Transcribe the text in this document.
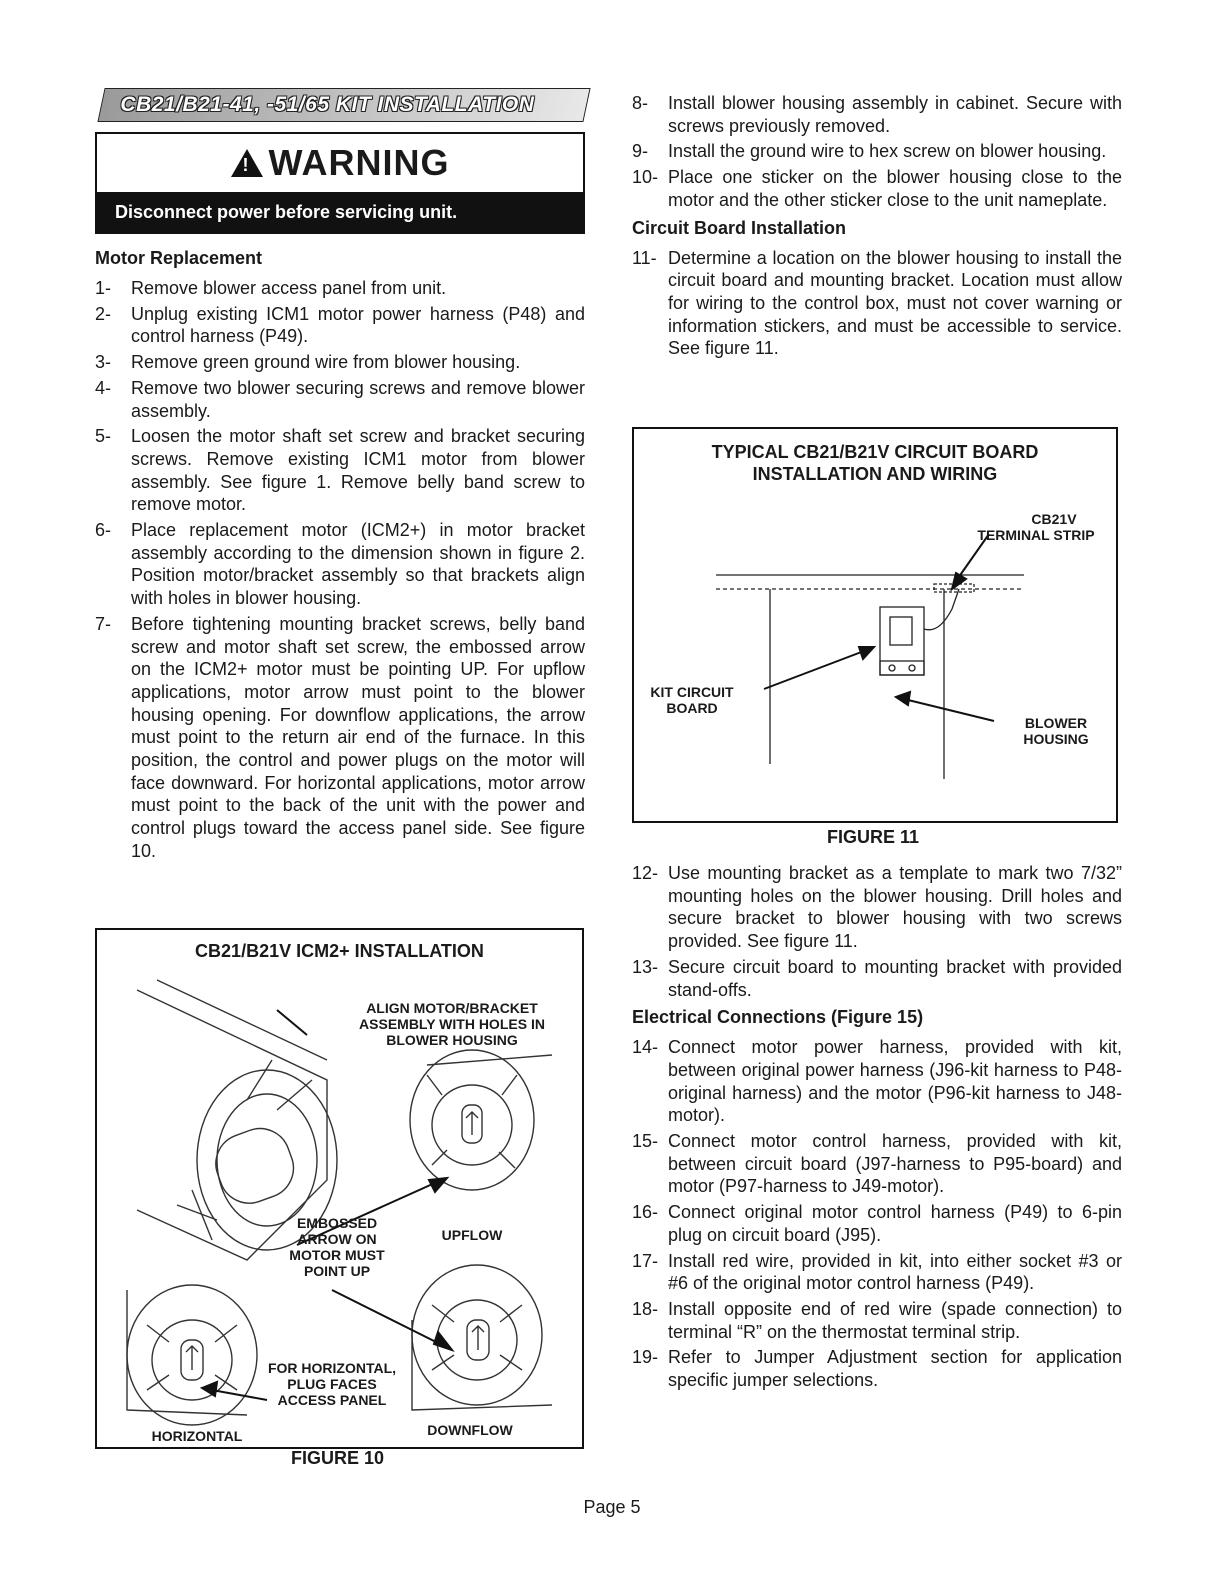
CB21/B21-41, -51/65 KIT INSTALLATION
!WARNING
Disconnect power before servicing unit.
Motor Replacement
1- Remove blower access panel from unit.
2- Unplug existing ICM1 motor power harness (P48) and control harness (P49).
3- Remove green ground wire from blower housing.
4- Remove two blower securing screws and remove blower assembly.
5- Loosen the motor shaft set screw and bracket securing screws. Remove existing ICM1 motor from blower assembly. See figure 1. Remove belly band screw to remove motor.
6- Place replacement motor (ICM2+) in motor bracket assembly according to the dimension shown in figure 2. Position motor/bracket assembly so that brackets align with holes in blower housing.
7- Before tightening mounting bracket screws, belly band screw and motor shaft set screw, the embossed arrow on the ICM2+ motor must be pointing UP. For upflow applications, motor arrow must point to the blower housing opening. For downflow applications, the arrow must point to the return air end of the furnace. In this position, the control and power plugs on the motor will face downward. For horizontal applications, motor arrow must point to the back of the unit with the power and control plugs toward the access panel side. See figure 10.
CB21/B21V ICM2+ INSTALLATION
ALIGN MOTOR/BRACKET ASSEMBLY WITH HOLES IN BLOWER HOUSING
EMBOSSED ARROW ON MOTOR MUST POINT UP
UPFLOW
FOR HORIZONTAL, PLUG FACES ACCESS PANEL
HORIZONTAL	DOWNFLOW
FIGURE 10
8- Install blower housing assembly in cabinet. Secure with screws previously removed.
9- Install the ground wire to hex screw on blower housing.
10- Place one sticker on the blower housing close to the motor and the other sticker close to the unit nameplate.
Circuit Board Installation
11- Determine a location on the blower housing to install the circuit board and mounting bracket. Location must allow for wiring to the control box, must not cover warning or information stickers, and must be accessible to service. See figure 11.
TYPICAL CB21/B21V CIRCUIT BOARD
INSTALLATION AND WIRING
CB21V
TERMINAL STRIP
KIT CIRCUIT
BOARD
BLOWER
HOUSING
FIGURE 11
12- Use mounting bracket as a template to mark two 7/32” mounting holes on the blower housing. Drill holes and secure bracket to blower housing with two screws provided. See figure 11.
13- Secure circuit board to mounting bracket with provided stand-offs.
Electrical Connections (Figure 15)
14- Connect motor power harness, provided with kit, between original power harness (J96-kit harness to P48-original harness) and the motor (P96-kit harness to J48-motor).
15- Connect motor control harness, provided with kit, between circuit board (J97-harness to P95-board) and motor (P97-harness to J49-motor).
16- Connect original motor control harness (P49) to 6-pin plug on circuit board (J95).
17- Install red wire, provided in kit, into either socket #3 or #6 of the original motor control harness (P49).
18- Install opposite end of red wire (spade connection) to terminal “R” on the thermostat terminal strip.
19- Refer to Jumper Adjustment section for application specific jumper selections.
Page 5
